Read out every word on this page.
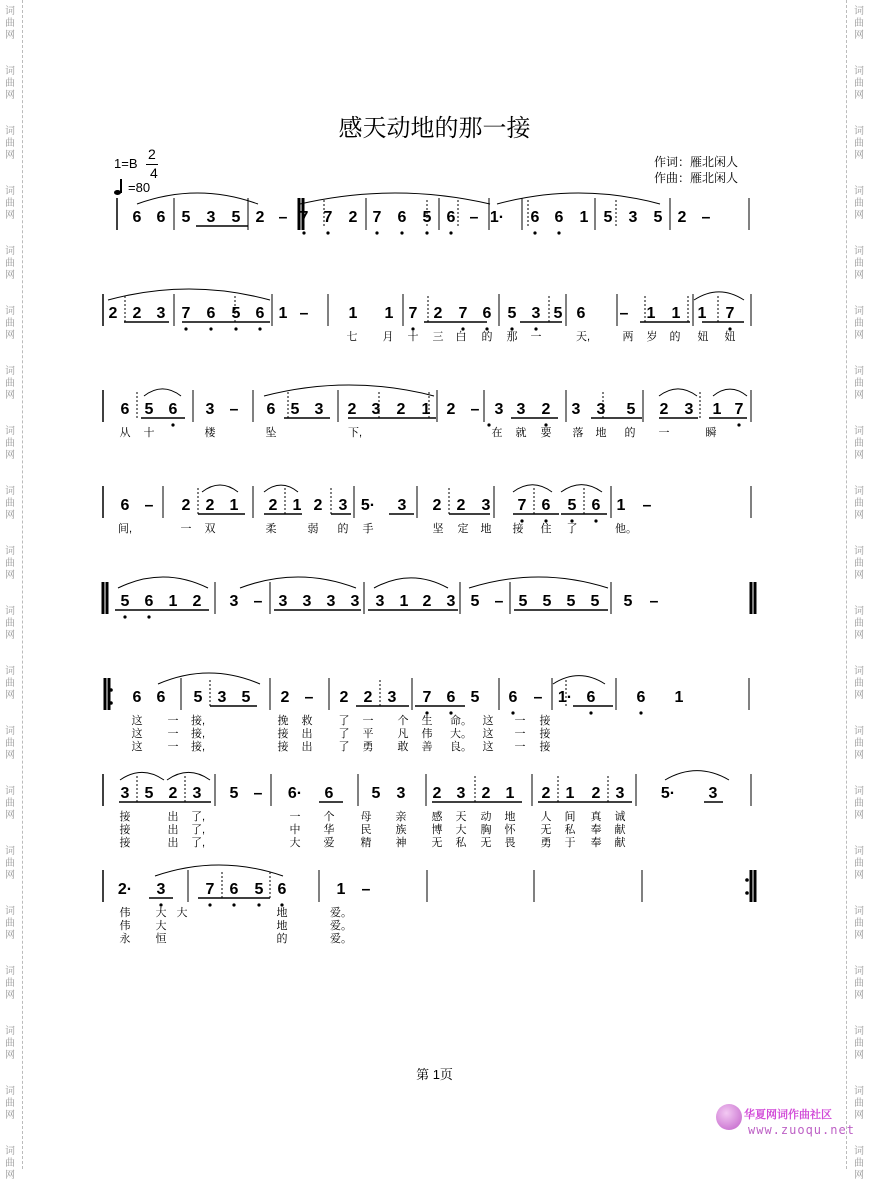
词
曲
网
词
曲
网
词
曲
网
词
曲
网
词
曲
网
词
曲
网
词
曲
网
词
曲
网
词
曲
网
词
曲
网
词
曲
网
词
曲
网
词
曲
网
词
曲
网
词
曲
网
词
曲
网
词
曲
网
词
曲
网
词
曲
网
词
曲
网
词
曲
网
词
曲
网
词
曲
网
词
曲
网
词
曲
网
词
曲
网
词
曲
网
词
曲
网
词
曲
网
词
曲
网
词
曲
网
词
曲
网
词
曲
网
词
曲
网
词
曲
网
词
曲
网
词
曲
网
词
曲
网
词
曲
网
词
曲
网
感天动地的那一接
1=B
2
4
=80
作词：雁北闲人
作曲：雁北闲人
6 6 5 3 5 2 – 7 7 2 7 6 5 6 – 1· 6 6 1 5 3 5 2 –
2 2 3 7 6 5 6 1 –	1 1 7 2 7 6 5 3 5 6 – 1 1 1 7
6 5 6 3 – 6 5 3 2 3 2 1 2 – 3 3 2 3 3 5 2 3 1 7
6 – 2 2 1 2 1 2 3 5· 3 2 2 3 7 6 5 6 1 –
5 6 1 2 3 – 3 3 3 3 3 1 2 3 5 – 5 5 5 5 5 –
6 6 5 3 5 2 – 2 2 3 7 6 5 6 – 1· 6	6 1
3 5 2 3 5 – 6· 6 5 3 2 3 2 1 2 1 2 3 5· 3
2· 3	7 6 5 6	1 –
七 月 十 三 白 的 那 一	天,	两 岁 的 妞 妞
从 十	楼	坠	下,	在 就 要 落 地 的 一	瞬
间,	一 双	柔	弱 的 手	坚 定 地 接 住 了	他。
这 一 接,	挽 救 了 一 个 生 命。 这 一 接
这 一 接,	接 出 了 平 凡 伟 大。 这 一 接
这 一 接,	接 出 了 勇 敢 善 良。 这 一 接
接	出 了,	一 个 母 亲 感 天 动 地 人 间 真 诚
接	出 了,	中 华 民 族 博 大 胸 怀 无 私 奉 献
接	出 了,	大 爱 精 神 无 私 无 畏 勇 于 奉 献
伟 大 大	地	爱。
伟 大	地	爱。
永 恒	的	爱。
第 1页
华夏网词作曲社区
www.zuoqu.net
